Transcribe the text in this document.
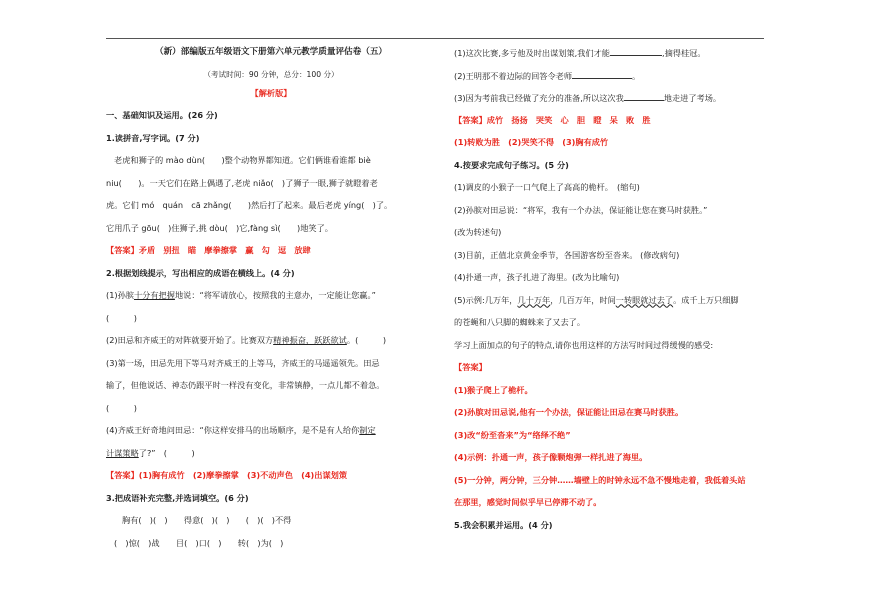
（新）部编版五年级语文下册第六单元教学质量评估卷（五）
（考试时间：90 分钟，总分：100 分）
【解析版】
一、基础知识及运用。(26 分)
1.读拼音,写字词。(7 分)
老虎和狮子的 mào dùn(　　)整个动物界都知道。它们俩谁看谁都 biè
niu(　　)。一天它们在路上偶遇了,老虎 niǎo(　)了狮子一眼,狮子就瞪着老
虎。它们 mó　quán　cā zhǎng(　　)然后打了起来。最后老虎 yíng(　)了。
它用爪子 gōu(　)住狮子,挑 dòu(　)它,fàng sì(　　)地笑了。
【答案】矛盾　别扭　瞄　摩拳擦掌　赢　勾　逗　放肆
2.根据划线提示，写出相应的成语在横线上。(4 分)
(1)孙膑十分有把握地说：“将军请放心，按照我的主意办，一定能让您赢。”
(　　　)
(2)田忌和齐威王的对阵就要开始了。比赛双方精神振奋，跃跃欲试。(　　　)
(3)第一场，田忌先用下等马对齐威王的上等马，齐威王的马遥遥领先。田忌
输了，但他说话、神态仍跟平时一样没有变化，非常镇静，一点儿都不着急。
(　　　)
(4)齐威王好奇地问田忌：“你这样安排马的出场顺序，是不是有人给你制定
计谋策略了?”　(　　　)
【答案】(1)胸有成竹　(2)摩拳擦掌　(3)不动声色　(4)出谋划策
3.把成语补充完整,并选词填空。(6 分)
胸有(　)(　)　　得意(　)(　)　　(　)(　)不得
(　)惊(　)战　　目(　)口(　)　　转(　)为(　)
(1)这次比赛,多亏他及时出谋划策,我们才能	,摘得桂冠。
(2)王明那不着边际的回答令老师	。
(3)因为考前我已经做了充分的准备,所以这次我	地走进了考场。
【答案】成竹　扬扬　哭笑　心　胆　瞪　呆　败　胜
(1)转败为胜　(2)哭笑不得　(3)胸有成竹
4.按要求完成句子练习。(5 分)
(1)调皮的小猴子一口气爬上了高高的桅杆。　(缩句)
(2)孙膑对田忌说：“将军，我有一个办法，保证能让您在赛马时获胜。”
(改为转述句)
(3)目前，正值北京黄金季节，各国游客纷至沓来。 (修改病句)
(4)扑通一声，孩子扎进了海里。(改为比喻句)
(5)示例:几万年，几十万年，几百万年，时间一转眼就过去了。成千上万只细脚
的苍蝇和八只脚的蜘蛛来了又去了。
学习上面加点的句子的特点,请你也用这样的方法写时间过得缓慢的感受:
【答案】
(1)猴子爬上了桅杆。
(2)孙膑对田忌说,他有一个办法，保证能让田忌在赛马时获胜。
(3)改“纷至沓来”为“络绎不绝”
(4)示例：扑通一声，孩子像颗炮弹一样扎进了海里。
(5)一分钟，两分钟，三分钟……墙壁上的时钟永远不急不慢地走着，我低着头站
在那里，感觉时间似乎早已停滞不动了。
5.我会积累并运用。(4 分)
